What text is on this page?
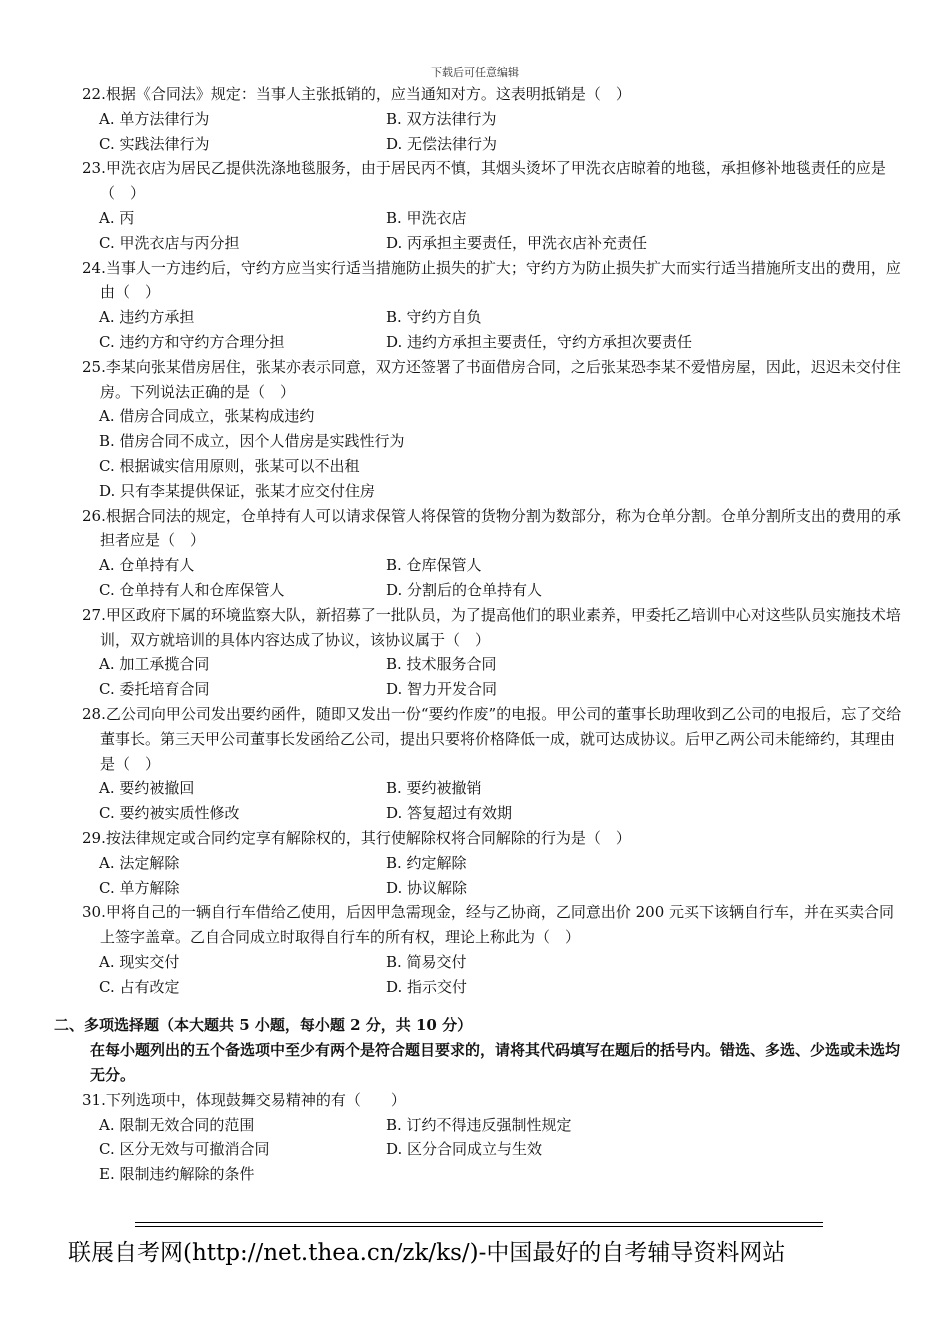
下载后可任意编辑
22.根据《合同法》规定：当事人主张抵销的，应当通知对方。这表明抵销是（　）
A. 单方法律行为	B. 双方法律行为
C. 实践法律行为	D. 无偿法律行为
23.甲洗衣店为居民乙提供洗涤地毯服务，由于居民丙不慎，其烟头烫坏了甲洗衣店晾着的地毯，承担修补地毯责任的应是（　）
A. 丙	B. 甲洗衣店
C. 甲洗衣店与丙分担	D. 丙承担主要责任，甲洗衣店补充责任
24.当事人一方违约后，守约方应当实行适当措施防止损失的扩大；守约方为防止损失扩大而实行适当措施所支出的费用，应由（　）
A. 违约方承担	B. 守约方自负
C. 违约方和守约方合理分担	D. 违约方承担主要责任，守约方承担次要责任
25.李某向张某借房居住，张某亦表示同意，双方还签署了书面借房合同，之后张某恐李某不爱惜房屋，因此，迟迟未交付住房。下列说法正确的是（　）
A. 借房合同成立，张某构成违约
B. 借房合同不成立，因个人借房是实践性行为
C. 根据诚实信用原则，张某可以不出租
D. 只有李某提供保证，张某才应交付住房
26.根据合同法的规定，仓单持有人可以请求保管人将保管的货物分割为数部分，称为仓单分割。仓单分割所支出的费用的承担者应是（　）
A. 仓单持有人	B. 仓库保管人
C. 仓单持有人和仓库保管人	D. 分割后的仓单持有人
27.甲区政府下属的环境监察大队，新招募了一批队员，为了提高他们的职业素养，甲委托乙培训中心对这些队员实施技术培训，双方就培训的具体内容达成了协议，该协议属于（　）
A. 加工承揽合同	B. 技术服务合同
C. 委托培育合同	D. 智力开发合同
28.乙公司向甲公司发出要约函件，随即又发出一份“要约作废”的电报。甲公司的董事长助理收到乙公司的电报后，忘了交给董事长。第三天甲公司董事长发函给乙公司，提出只要将价格降低一成，就可达成协议。后甲乙两公司未能缔约，其理由是（　）
A. 要约被撤回	B. 要约被撤销
C. 要约被实质性修改	D. 答复超过有效期
29.按法律规定或合同约定享有解除权的，其行使解除权将合同解除的行为是（　）
A. 法定解除	B. 约定解除
C. 单方解除	D. 协议解除
30.甲将自己的一辆自行车借给乙使用，后因甲急需现金，经与乙协商，乙同意出价 200 元买下该辆自行车，并在买卖合同上签字盖章。乙自合同成立时取得自行车的所有权，理论上称此为（　）
A. 现实交付	B. 简易交付
C. 占有改定	D. 指示交付
二、多项选择题（本大题共 5 小题，每小题 2 分，共 10 分）
在每小题列出的五个备选项中至少有两个是符合题目要求的，请将其代码填写在题后的括号内。错选、多选、少选或未选均无分。
31.下列选项中，体现鼓舞交易精神的有（　　）
A. 限制无效合同的范围	B. 订约不得违反强制性规定
C. 区分无效与可撤消合同	D. 区分合同成立与生效
E. 限制违约解除的条件
联展自考网(http://net.thea.cn/zk/ks/)-中国最好的自考辅导资料网站
